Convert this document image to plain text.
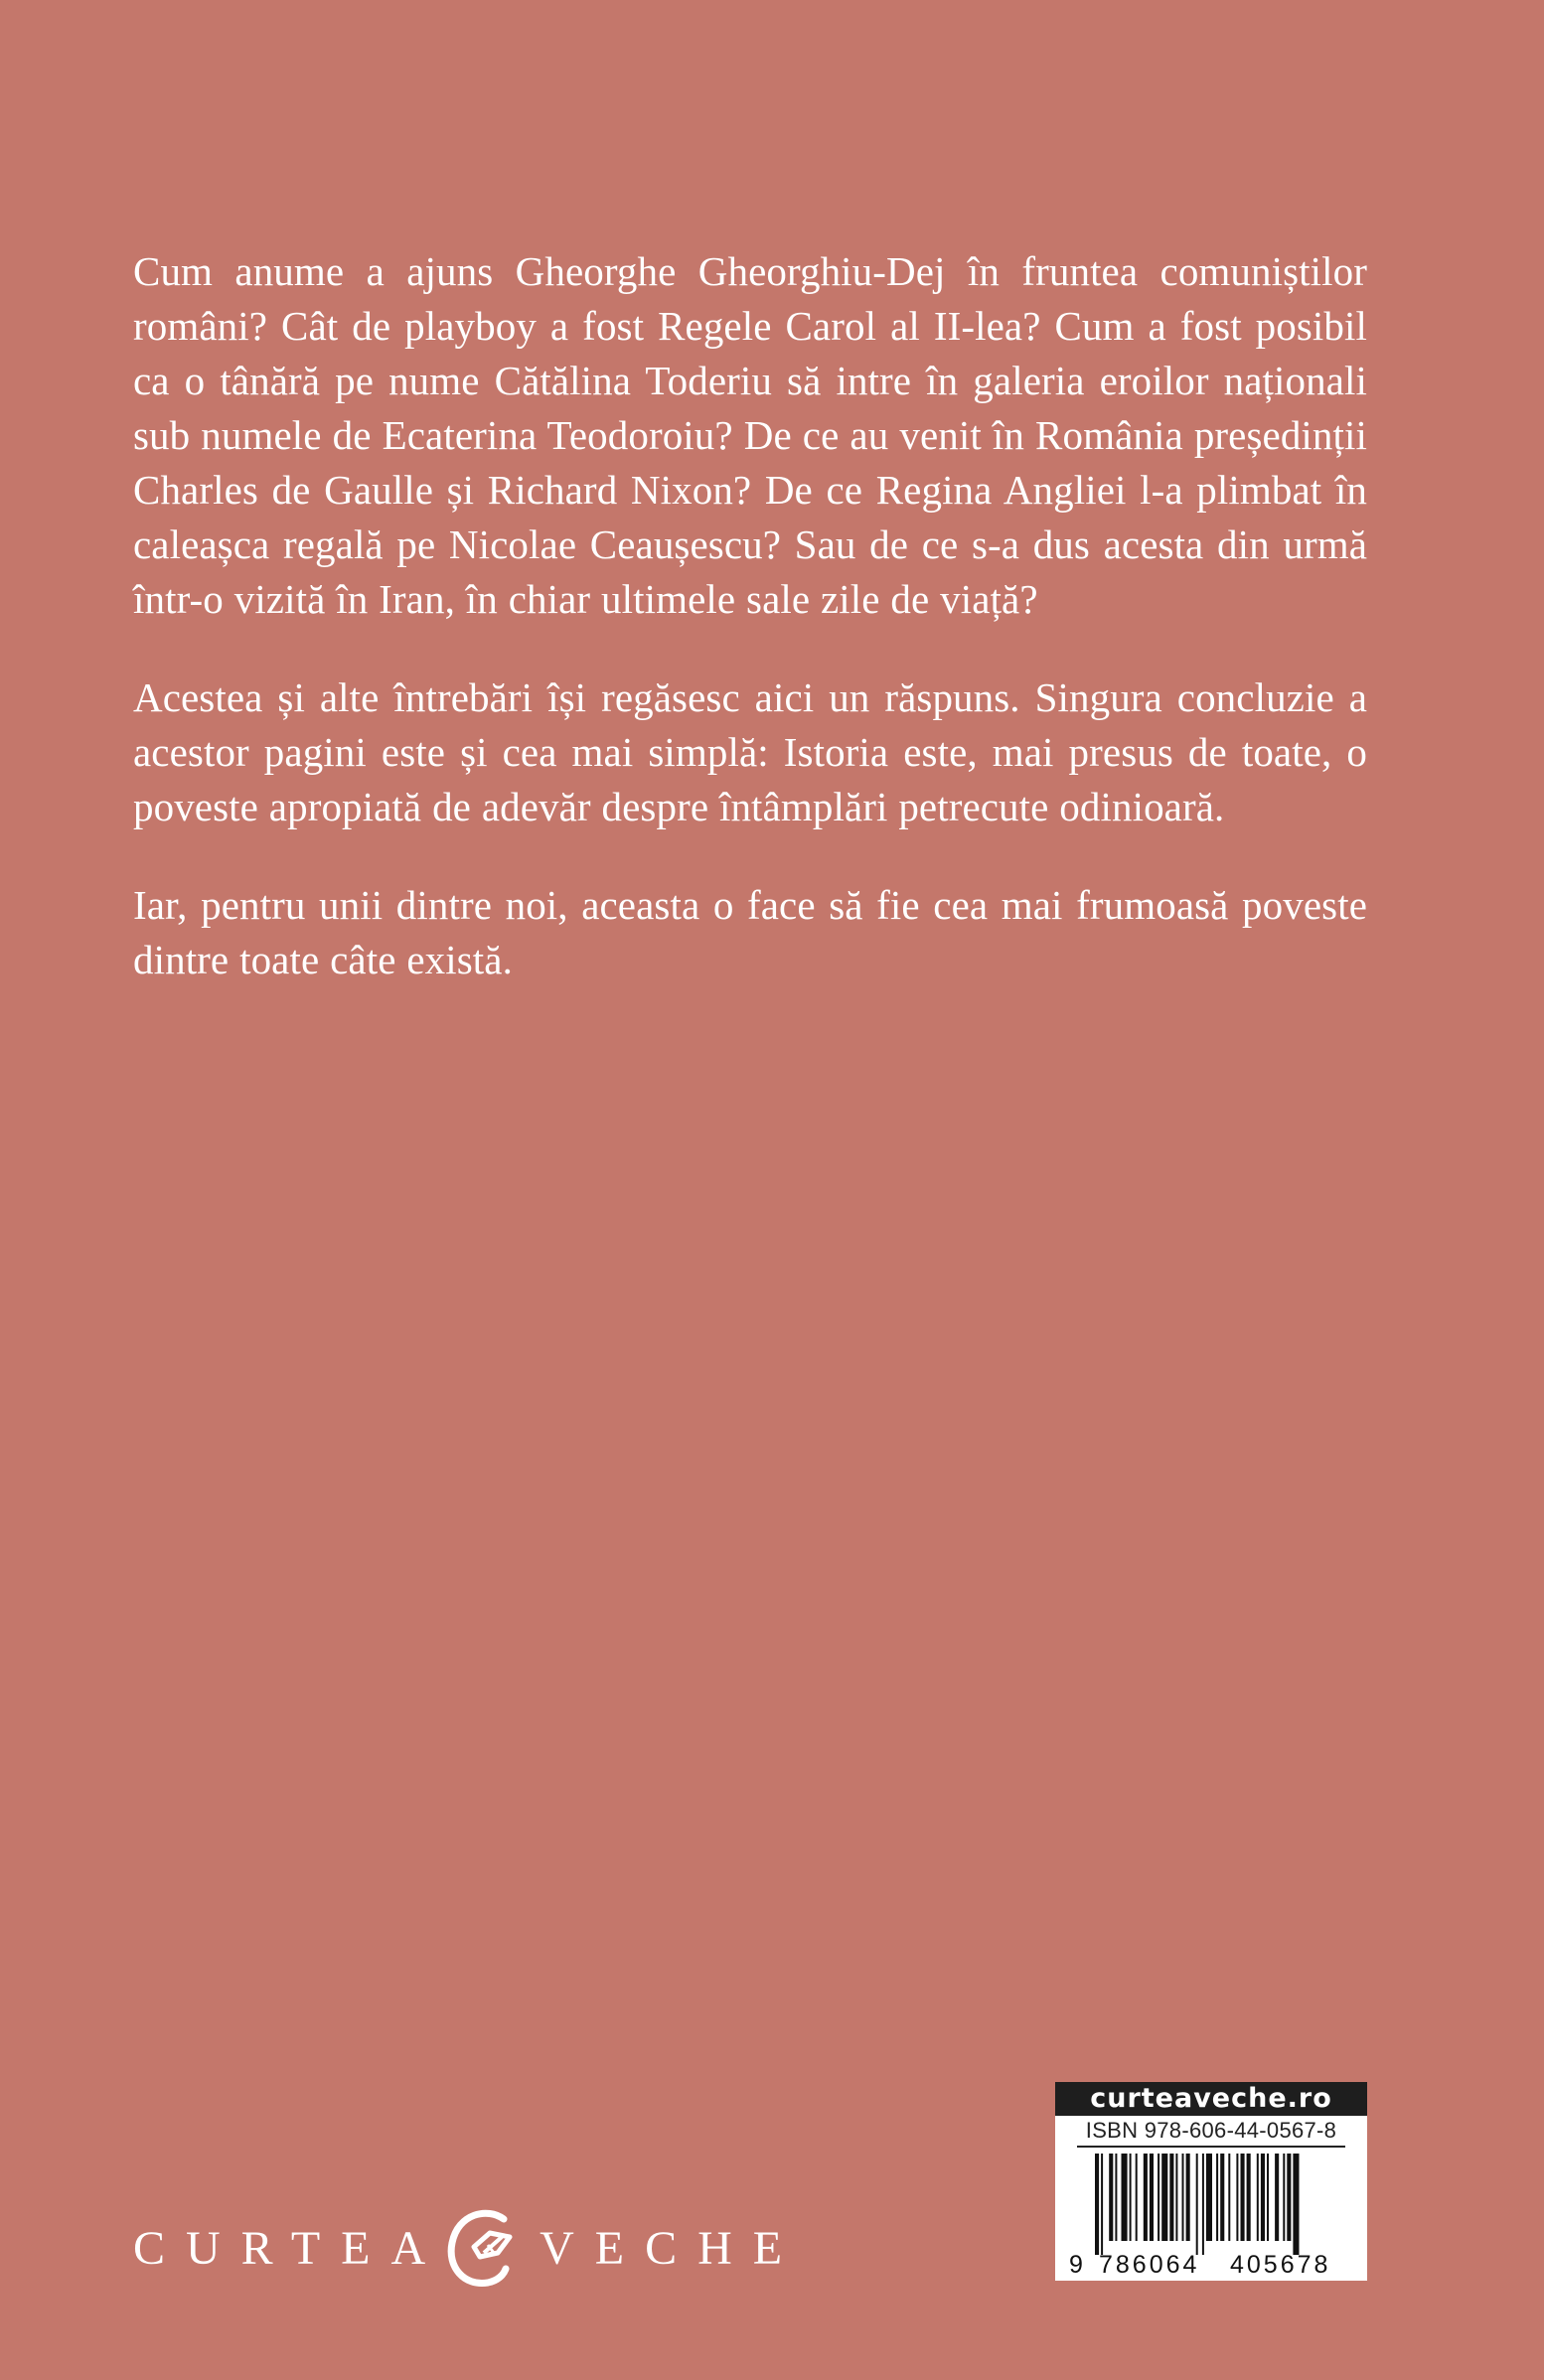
Cum anume a ajuns Gheorghe Gheorghiu-Dej în fruntea comuniștilor români? Cât de playboy a fost Regele Carol al II-lea? Cum a fost posibil ca o tânără pe nume Cătălina Toderiu să intre în galeria eroilor naționali sub numele de Ecaterina Teodoroiu? De ce au venit în România președinții Charles de Gaulle și Richard Nixon? De ce Regina Angliei l-a plimbat în caleașca regală pe Nicolae Ceaușescu? Sau de ce s-a dus acesta din urmă într-o vizită în Iran, în chiar ultimele sale zile de viață?

Acestea și alte întrebări își regăsesc aici un răspuns. Singura concluzie a acestor pagini este și cea mai simplă: Istoria este, mai presus de toate, o poveste apropiată de adevăr despre întâmplări petrecute odinioară.

Iar, pentru unii dintre noi, aceasta o face să fie cea mai frumoasă poveste dintre toate câte există.

CURTEA VECHE
curteaveche.ro
ISBN 978-606-44-0567-8
9 786064 405678
